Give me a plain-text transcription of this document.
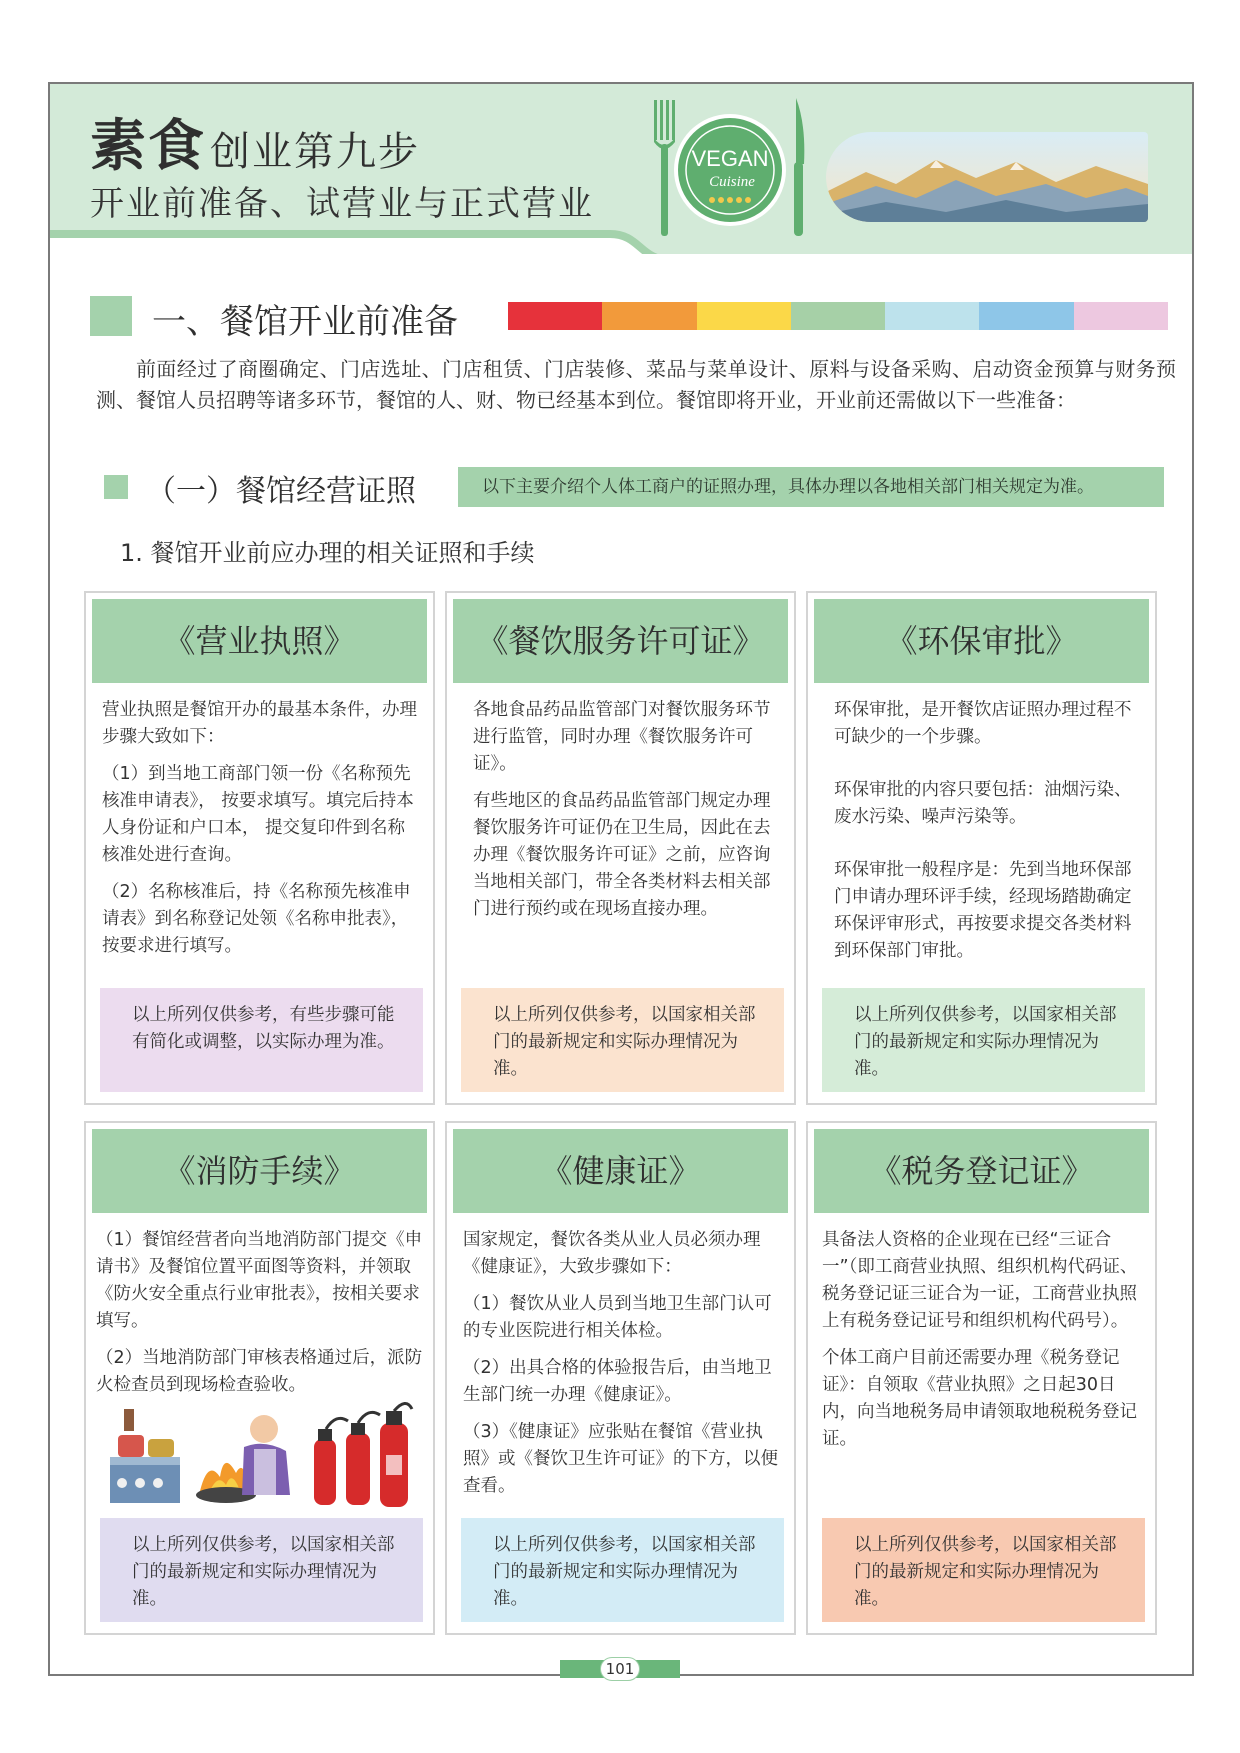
素食 创业第九步
开业前准备、试营业与正式营业
VEGAN
Cuisine
一、餐馆开业前准备
前面经过了商圈确定、门店选址、门店租赁、门店装修、菜品与菜单设计、原料与设备采购、启动资金预算与财务预测、餐馆人员招聘等诸多环节，餐馆的人、财、物已经基本到位。餐馆即将开业，开业前还需做以下一些准备：
（一）餐馆经营证照	以下主要介绍个人体工商户的证照办理，具体办理以各地相关部门相关规定为准。
1. 餐馆开业前应办理的相关证照和手续
《营业执照》

营业执照是餐馆开办的最基本条件，办理步骤大致如下：

（1）到当地工商部门领一份《名称预先核准申请表》， 按要求填写。填完后持本人身份证和户口本， 提交复印件到名称核准处进行查询。

（2）名称核准后，持《名称预先核准申请表》到名称登记处领《名称申批表》，按要求进行填写。

以上所列仅供参考，有些步骤可能有简化或调整，以实际办理为准。
《餐饮服务许可证》

各地食品药品监管部门对餐饮服务环节进行监管，同时办理《餐饮服务许可证》。

有些地区的食品药品监管部门规定办理餐饮服务许可证仍在卫生局，因此在去办理《餐饮服务许可证》之前，应咨询当地相关部门，带全各类材料去相关部门进行预约或在现场直接办理。

以上所列仅供参考，以国家相关部门的最新规定和实际办理情况为准。
《环保审批》

环保审批，是开餐饮店证照办理过程不可缺少的一个步骤。

环保审批的内容只要包括：油烟污染、废水污染、噪声污染等。

环保审批一般程序是：先到当地环保部门申请办理环评手续，经现场踏勘确定环保评审形式，再按要求提交各类材料到环保部门审批。

以上所列仅供参考，以国家相关部门的最新规定和实际办理情况为准。
《消防手续》

（1）餐馆经营者向当地消防部门提交《申请书》及餐馆位置平面图等资料，并领取《防火安全重点行业审批表》，按相关要求填写。

（2）当地消防部门审核表格通过后，派防火检查员到现场检查验收。

以上所列仅供参考，以国家相关部门的最新规定和实际办理情况为准。
《健康证》

国家规定，餐饮各类从业人员必须办理《健康证》，大致步骤如下：

（1）餐饮从业人员到当地卫生部门认可的专业医院进行相关体检。

（2）出具合格的体验报告后，由当地卫生部门统一办理《健康证》。

（3）《健康证》应张贴在餐馆《营业执照》或《餐饮卫生许可证》的下方，以便查看。

以上所列仅供参考，以国家相关部门的最新规定和实际办理情况为准。
《税务登记证》

具备法人资格的企业现在已经“三证合一”（即工商营业执照、组织机构代码证、税务登记证三证合为一证，工商营业执照上有税务登记证号和组织机构代码号）。

个体工商户目前还需要办理《税务登记证》：自领取《营业执照》之日起30日内，向当地税务局申请领取地税税务登记证。

以上所列仅供参考，以国家相关部门的最新规定和实际办理情况为准。
101
